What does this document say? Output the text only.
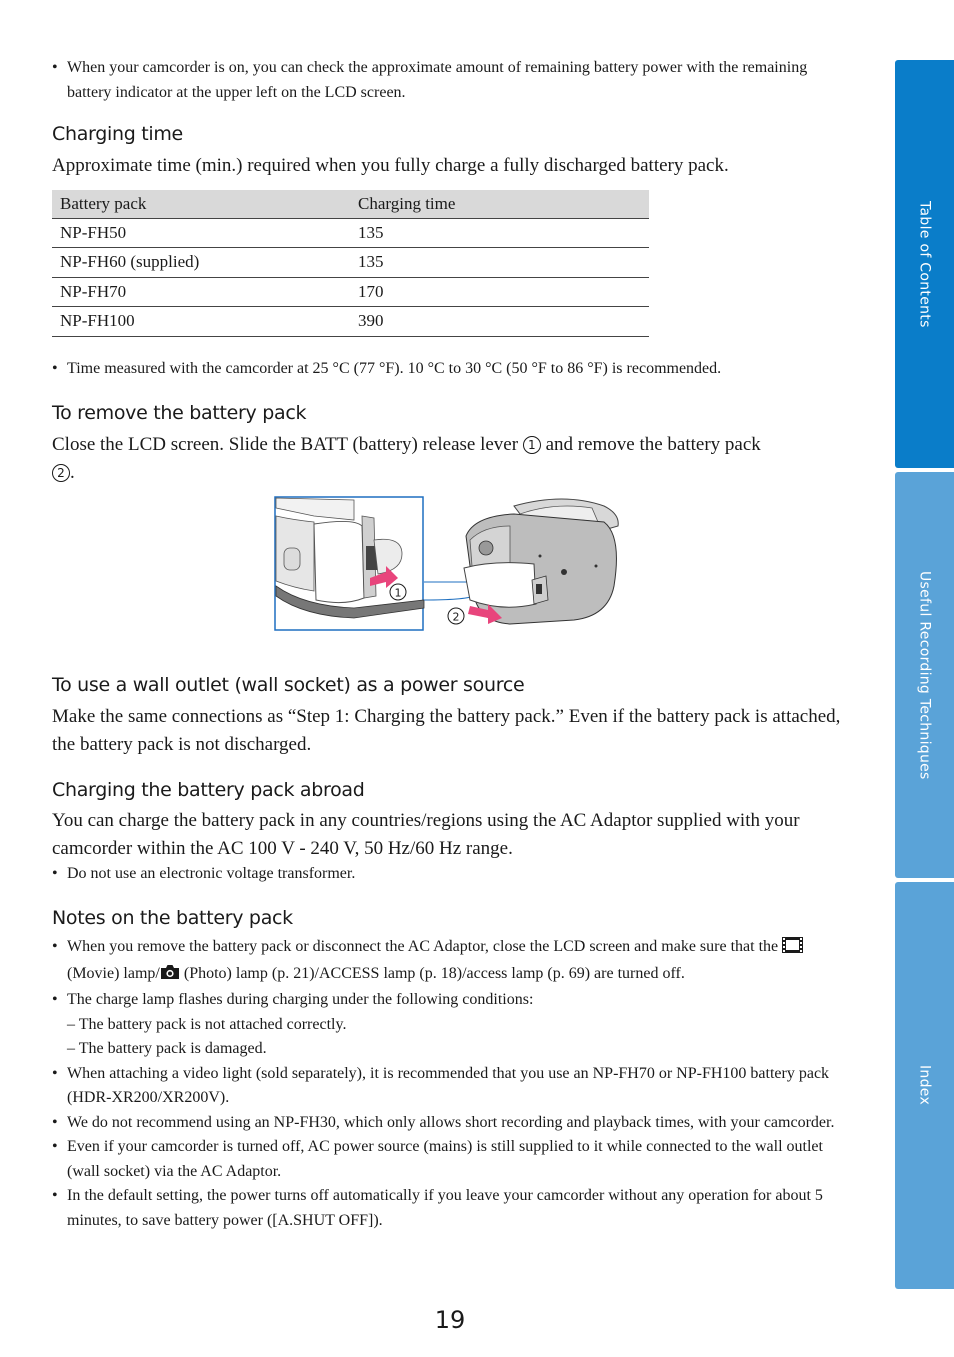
• When your camcorder is on, you can check the approximate amount of remaining battery power with the remaining battery indicator at the upper left on the LCD screen.
Charging time
Approximate time (min.) required when you fully charge a fully discharged battery pack.
Battery pack	Charging time
NP-FH50	135
NP-FH60 (supplied)	135
NP-FH70	170
NP-FH100	390
• Time measured with the camcorder at 25 °C (77 °F). 10 °C to 30 °C (50 °F to 86 °F) is recommended.
To remove the battery pack
Close the LCD screen. Slide the BATT (battery) release lever 1 and remove the battery pack
2 .
1
2
To use a wall outlet (wall socket) as a power source
Make the same connections as “Step 1: Charging the battery pack.” Even if the battery pack is attached, the battery pack is not discharged.
Charging the battery pack abroad
You can charge the battery pack in any countries/regions using the AC Adaptor supplied with your camcorder within the AC 100 V - 240 V, 50 Hz/60 Hz range.
• Do not use an electronic voltage transformer.
Notes on the battery pack
• When you remove the battery pack or disconnect the AC Adaptor, close the LCD screen and make sure that the  (Movie) lamp/ (Photo) lamp (p. 21)/ACCESS lamp (p. 18)/access lamp (p. 69) are turned off.
• The charge lamp flashes during charging under the following conditions:
– The battery pack is not attached correctly.
– The battery pack is damaged.
• When attaching a video light (sold separately), it is recommended that you use an NP-FH70 or NP-FH100 battery pack (HDR-XR200/XR200V).
• We do not recommend using an NP-FH30, which only allows short recording and playback times, with your camcorder.
• Even if your camcorder is turned off, AC power source (mains) is still supplied to it while connected to the wall outlet (wall socket) via the AC Adaptor.
• In the default setting, the power turns off automatically if you leave your camcorder without any operation for about 5 minutes, to save battery power ([A.SHUT OFF]).
Table of Contents
Useful Recording Techniques
Index
19
